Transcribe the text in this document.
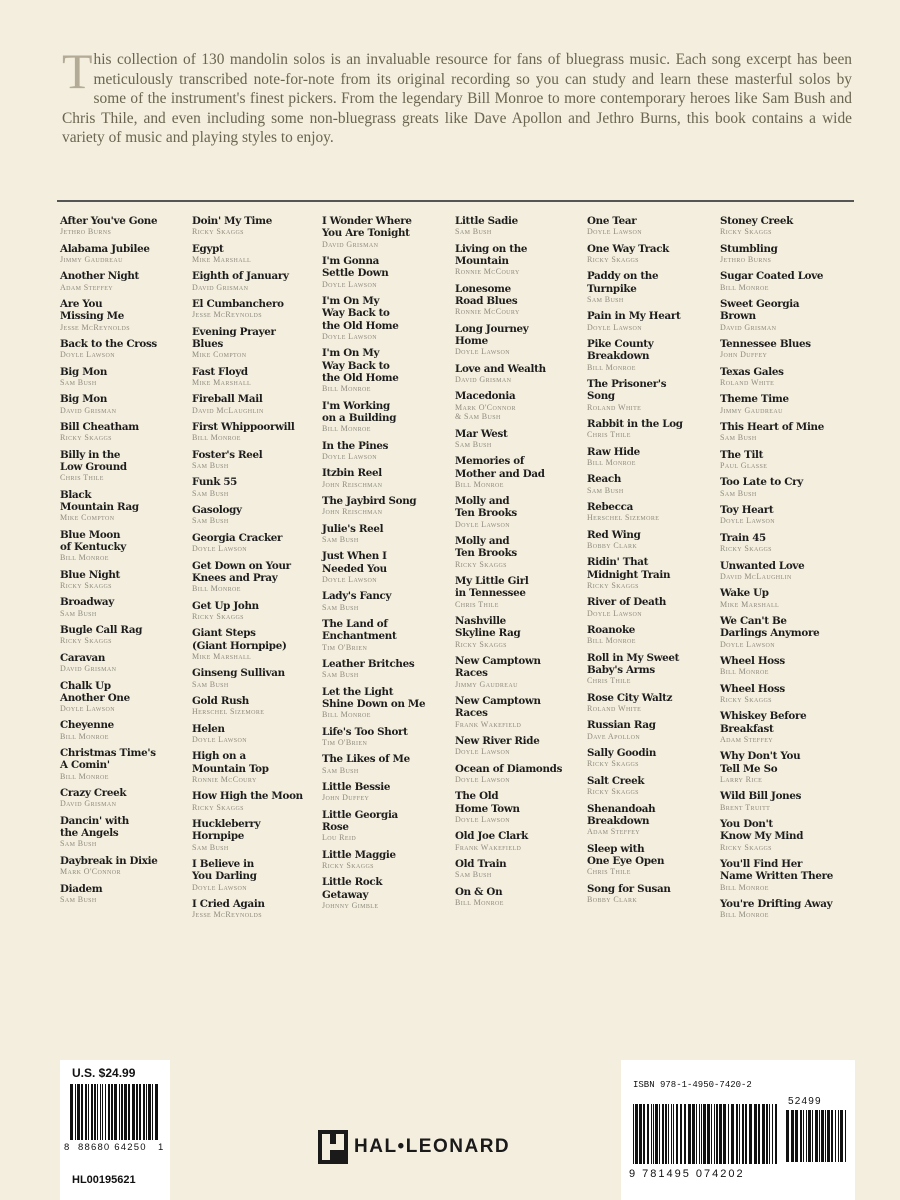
This collection of 130 mandolin solos is an invaluable resource for fans of bluegrass music. Each song excerpt has been meticulously transcribed note-for-note from its original recording so you can study and learn these masterful solos by some of the instrument's finest pickers. From the legendary Bill Monroe to more contemporary heroes like Sam Bush and Chris Thile, and even including some non-bluegrass greats like Dave Apollon and Jethro Burns, this book contains a wide variety of music and playing styles to enjoy.
After You've Gone
Jethro Burns
Alabama Jubilee
Jimmy Gaudreau
Another Night
Adam Steffey
Are You
Missing Me
Jesse McReynolds
Back to the Cross
Doyle Lawson
Big Mon
Sam Bush
Big Mon
David Grisman
Bill Cheatham
Ricky Skaggs
Billy in the
Low Ground
Chris Thile
Black
Mountain Rag
Mike Compton
Blue Moon
of Kentucky
Bill Monroe
Blue Night
Ricky Skaggs
Broadway
Sam Bush
Bugle Call Rag
Ricky Skaggs
Caravan
David Grisman
Chalk Up
Another One
Doyle Lawson
Cheyenne
Bill Monroe
Christmas Time's
A Comin'
Bill Monroe
Crazy Creek
David Grisman
Dancin' with
the Angels
Sam Bush
Daybreak in Dixie
Mark O'Connor
Diadem
Sam Bush
Doin' My Time
Ricky Skaggs
Egypt
Mike Marshall
Eighth of January
David Grisman
El Cumbanchero
Jesse McReynolds
Evening Prayer
Blues
Mike Compton
Fast Floyd
Mike Marshall
Fireball Mail
David McLaughlin
First Whippoorwill
Bill Monroe
Foster's Reel
Sam Bush
Funk 55
Sam Bush
Gasology
Sam Bush
Georgia Cracker
Doyle Lawson
Get Down on Your
Knees and Pray
Bill Monroe
Get Up John
Ricky Skaggs
Giant Steps
(Giant Hornpipe)
Mike Marshall
Ginseng Sullivan
Sam Bush
Gold Rush
Herschel Sizemore
Helen
Doyle Lawson
High on a
Mountain Top
Ronnie McCoury
How High the Moon
Ricky Skaggs
Huckleberry
Hornpipe
Sam Bush
I Believe in
You Darling
Doyle Lawson
I Cried Again
Jesse McReynolds
I Wonder Where
You Are Tonight
David Grisman
I'm Gonna
Settle Down
Doyle Lawson
I'm On My
Way Back to
the Old Home
Doyle Lawson
I'm On My
Way Back to
the Old Home
Bill Monroe
I'm Working
on a Building
Bill Monroe
In the Pines
Doyle Lawson
Itzbin Reel
John Reischman
The Jaybird Song
John Reischman
Julie's Reel
Sam Bush
Just When I
Needed You
Doyle Lawson
Lady's Fancy
Sam Bush
The Land of
Enchantment
Tim O'Brien
Leather Britches
Sam Bush
Let the Light
Shine Down on Me
Bill Monroe
Life's Too Short
Tim O'Brien
The Likes of Me
Sam Bush
Little Bessie
John Duffey
Little Georgia
Rose
Lou Reid
Little Maggie
Ricky Skaggs
Little Rock
Getaway
Johnny Gimble
Little Sadie
Sam Bush
Living on the
Mountain
Ronnie McCoury
Lonesome
Road Blues
Ronnie McCoury
Long Journey
Home
Doyle Lawson
Love and Wealth
David Grisman
Macedonia
Mark O'Connor
& Sam Bush
Mar West
Sam Bush
Memories of
Mother and Dad
Bill Monroe
Molly and
Ten Brooks
Doyle Lawson
Molly and
Ten Brooks
Ricky Skaggs
My Little Girl
in Tennessee
Chris Thile
Nashville
Skyline Rag
Ricky Skaggs
New Camptown
Races
Jimmy Gaudreau
New Camptown
Races
Frank Wakefield
New River Ride
Doyle Lawson
Ocean of Diamonds
Doyle Lawson
The Old
Home Town
Doyle Lawson
Old Joe Clark
Frank Wakefield
Old Train
Sam Bush
On & On
Bill Monroe
One Tear
Doyle Lawson
One Way Track
Ricky Skaggs
Paddy on the
Turnpike
Sam Bush
Pain in My Heart
Doyle Lawson
Pike County
Breakdown
Bill Monroe
The Prisoner's
Song
Roland White
Rabbit in the Log
Chris Thile
Raw Hide
Bill Monroe
Reach
Sam Bush
Rebecca
Herschel Sizemore
Red Wing
Bobby Clark
Ridin' That
Midnight Train
Ricky Skaggs
River of Death
Doyle Lawson
Roanoke
Bill Monroe
Roll in My Sweet
Baby's Arms
Chris Thile
Rose City Waltz
Roland White
Russian Rag
Dave Apollon
Sally Goodin
Ricky Skaggs
Salt Creek
Ricky Skaggs
Shenandoah
Breakdown
Adam Steffey
Sleep with
One Eye Open
Chris Thile
Song for Susan
Bobby Clark
Stoney Creek
Ricky Skaggs
Stumbling
Jethro Burns
Sugar Coated Love
Bill Monroe
Sweet Georgia
Brown
David Grisman
Tennessee Blues
John Duffey
Texas Gales
Roland White
Theme Time
Jimmy Gaudreau
This Heart of Mine
Sam Bush
The Tilt
Paul Glasse
Too Late to Cry
Sam Bush
Toy Heart
Doyle Lawson
Train 45
Ricky Skaggs
Unwanted Love
David McLaughlin
Wake Up
Mike Marshall
We Can't Be
Darlings Anymore
Doyle Lawson
Wheel Hoss
Bill Monroe
Wheel Hoss
Ricky Skaggs
Whiskey Before
Breakfast
Adam Steffey
Why Don't You
Tell Me So
Larry Rice
Wild Bill Jones
Brent Truitt
You Don't
Know My Mind
Ricky Skaggs
You'll Find Her
Name Written There
Bill Monroe
You're Drifting Away
Bill Monroe
U.S. $24.99
8 88680 64250 1
HL00195621
HAL•LEONARD
ISBN 978-1-4950-7420-2
52499
9 781495 074202
